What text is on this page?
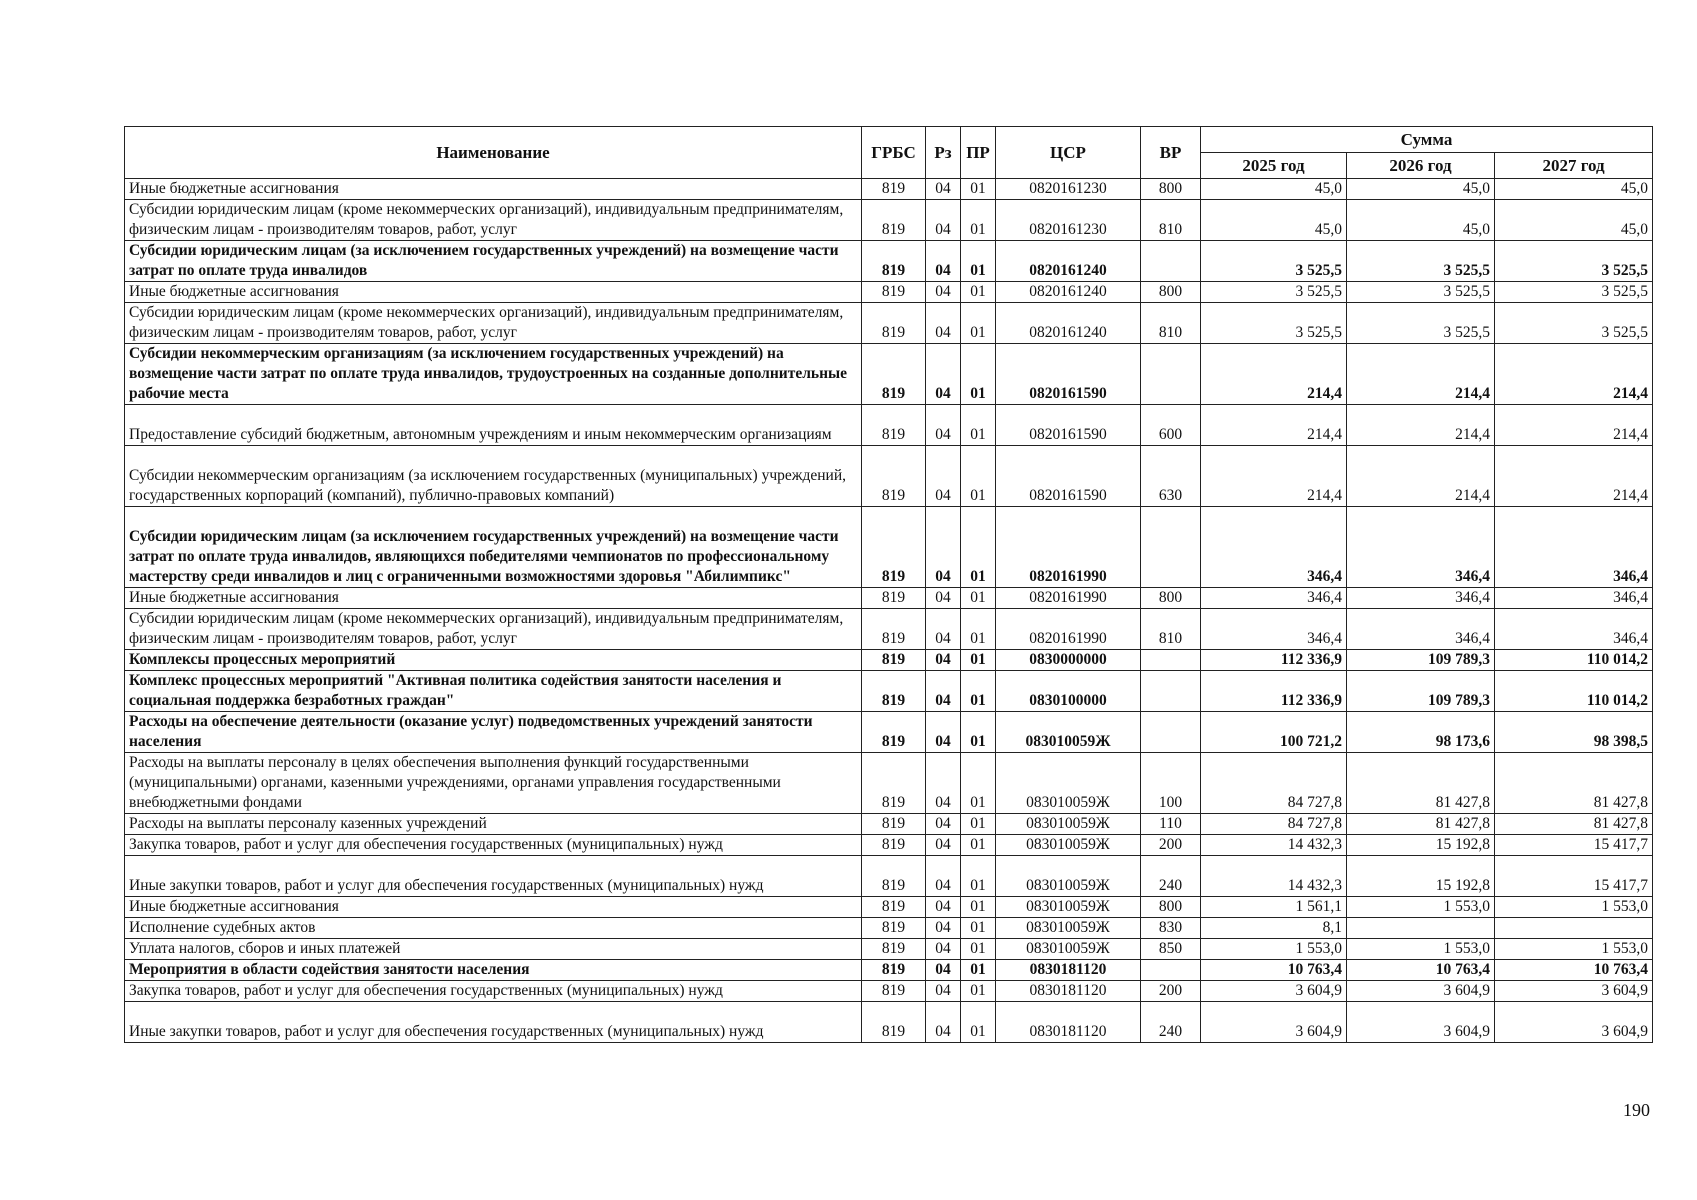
Наименование	ГРБС	Рз	ПР	ЦСР	ВР	Сумма		
						2025 год	2026 год	2027 год
Иные бюджетные ассигнования	819	04	01	0820161230	800	45,0	45,0	45,0
Субсидии юридическим лицам (кроме некоммерческих организаций), индивидуальным предпринимателям, физическим лицам - производителям товаров, работ, услуг	819	04	01	0820161230	810	45,0	45,0	45,0
Субсидии юридическим лицам (за исключением государственных учреждений) на возмещение части затрат по оплате труда инвалидов	819	04	01	0820161240		3 525,5	3 525,5	3 525,5
Иные бюджетные ассигнования	819	04	01	0820161240	800	3 525,5	3 525,5	3 525,5
Субсидии юридическим лицам (кроме некоммерческих организаций), индивидуальным предпринимателям, физическим лицам - производителям товаров, работ, услуг	819	04	01	0820161240	810	3 525,5	3 525,5	3 525,5
Субсидии некоммерческим организациям (за исключением государственных учреждений) на возмещение части затрат по оплате труда инвалидов, трудоустроенных на созданные дополнительные рабочие места	819	04	01	0820161590		214,4	214,4	214,4
Предоставление субсидий бюджетным, автономным учреждениям и иным некоммерческим организациям	819	04	01	0820161590	600	214,4	214,4	214,4
Субсидии некоммерческим организациям (за исключением государственных (муниципальных) учреждений, государственных корпораций (компаний), публично-правовых компаний)	819	04	01	0820161590	630	214,4	214,4	214,4
Субсидии юридическим лицам (за исключением государственных учреждений) на возмещение части затрат по оплате труда инвалидов, являющихся победителями чемпионатов по профессиональному мастерству среди инвалидов и лиц с ограниченными возможностями здоровья "Абилимпикс"	819	04	01	0820161990		346,4	346,4	346,4
Иные бюджетные ассигнования	819	04	01	0820161990	800	346,4	346,4	346,4
Субсидии юридическим лицам (кроме некоммерческих организаций), индивидуальным предпринимателям, физическим лицам - производителям товаров, работ, услуг	819	04	01	0820161990	810	346,4	346,4	346,4
Комплексы процессных мероприятий	819	04	01	0830000000		112 336,9	109 789,3	110 014,2
Комплекс процессных мероприятий "Активная политика содействия занятости населения и социальная поддержка безработных граждан"	819	04	01	0830100000		112 336,9	109 789,3	110 014,2
Расходы на обеспечение деятельности (оказание услуг) подведомственных учреждений занятости населения	819	04	01	083010059Ж		100 721,2	98 173,6	98 398,5
Расходы на выплаты персоналу в целях обеспечения выполнения функций государственными (муниципальными) органами, казенными учреждениями, органами управления государственными внебюджетными фондами	819	04	01	083010059Ж	100	84 727,8	81 427,8	81 427,8
Расходы на выплаты персоналу казенных учреждений	819	04	01	083010059Ж	110	84 727,8	81 427,8	81 427,8
Закупка товаров, работ и услуг для обеспечения государственных (муниципальных) нужд	819	04	01	083010059Ж	200	14 432,3	15 192,8	15 417,7
Иные закупки товаров, работ и услуг для обеспечения государственных (муниципальных) нужд	819	04	01	083010059Ж	240	14 432,3	15 192,8	15 417,7
Иные бюджетные ассигнования	819	04	01	083010059Ж	800	1 561,1	1 553,0	1 553,0
Исполнение судебных актов	819	04	01	083010059Ж	830	8,1		
Уплата налогов, сборов и иных платежей	819	04	01	083010059Ж	850	1 553,0	1 553,0	1 553,0
Мероприятия в области содействия занятости населения	819	04	01	0830181120		10 763,4	10 763,4	10 763,4
Закупка товаров, работ и услуг для обеспечения государственных (муниципальных) нужд	819	04	01	0830181120	200	3 604,9	3 604,9	3 604,9
Иные закупки товаров, работ и услуг для обеспечения государственных (муниципальных) нужд	819	04	01	0830181120	240	3 604,9	3 604,9	3 604,9
190
